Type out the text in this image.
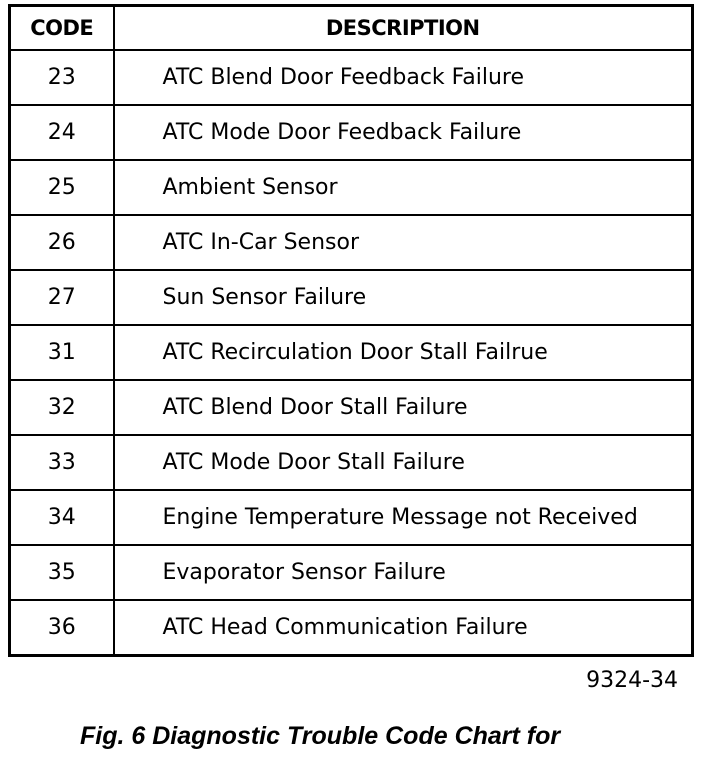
CODE	DESCRIPTION
23	ATC Blend Door Feedback Failure
24	ATC Mode Door Feedback Failure
25	Ambient Sensor
26	ATC In-Car Sensor
27	Sun Sensor Failure
31	ATC Recirculation Door Stall Failrue
32	ATC Blend Door Stall Failure
33	ATC Mode Door Stall Failure
34	Engine Temperature Message not Received
35	Evaporator Sensor Failure
36	ATC Head Communication Failure
9324-34
Fig. 6 Diagnostic Trouble Code Chart for
